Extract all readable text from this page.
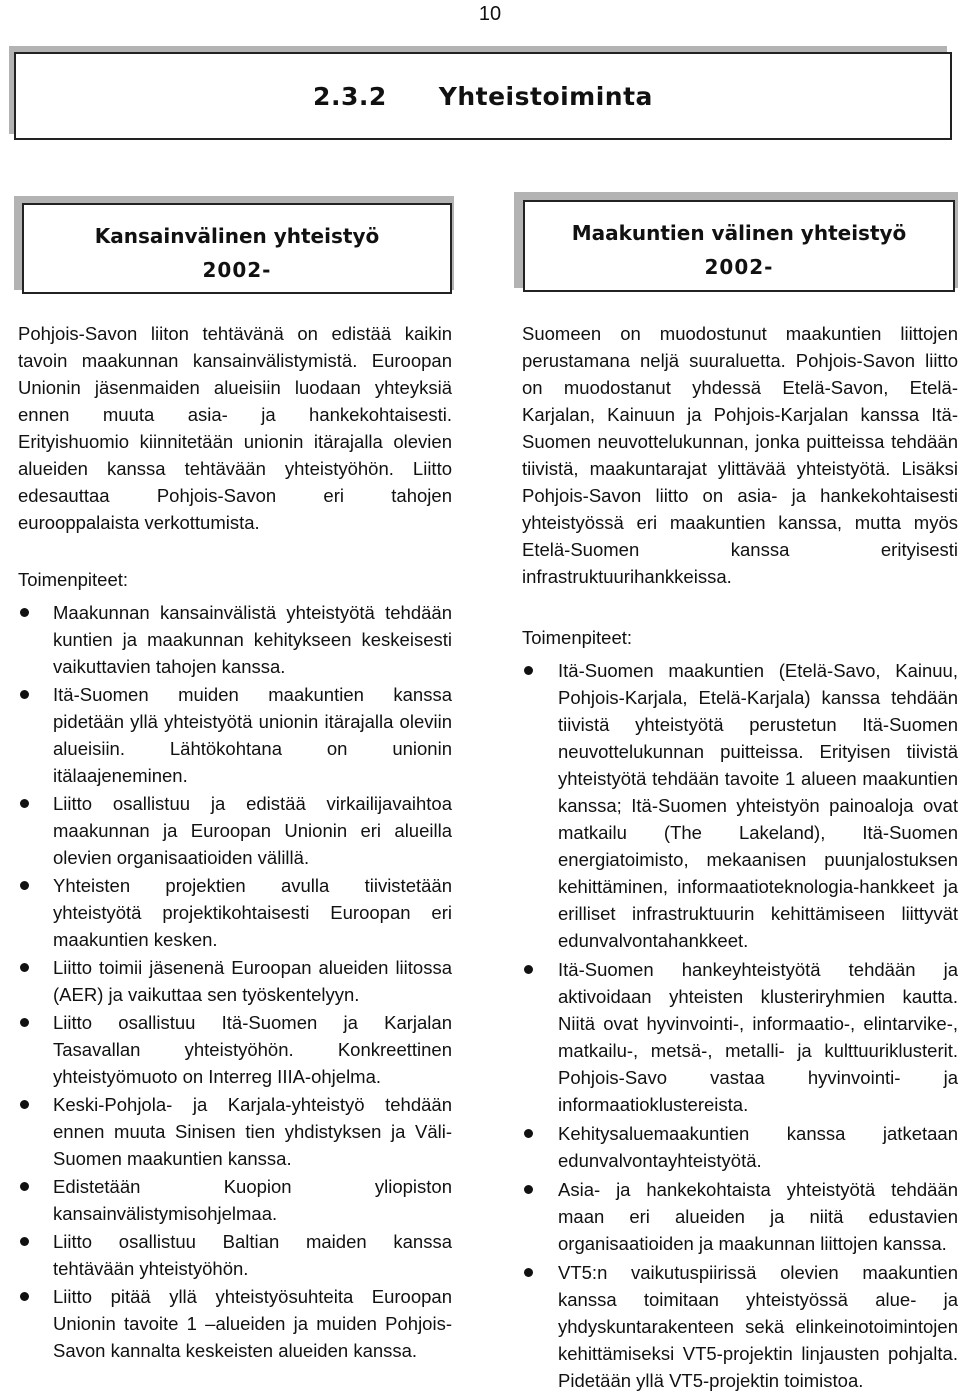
10
2.3.2 Yhteistoiminta
Kansainvälinen yhteistyö
2002-
Maakuntien välinen yhteistyö
2002-

Pohjois-Savon liiton tehtävänä on edistää kaikin tavoin maakunnan kansainvälistymistä. Euroopan Unionin jäsenmaiden alueisiin luodaan yhteyksiä ennen muuta asia- ja hankekohtaisesti. Erityishuomio kiinnitetään unionin itärajalla olevien alueiden kanssa tehtävään yhteistyöhön. Liitto edesauttaa Pohjois-Savon eri tahojen eurooppalaista verkottumista.

Toimenpiteet:
Maakunnan kansainvälistä yhteistyötä tehdään kuntien ja maakunnan kehitykseen keskeisesti vaikuttavien tahojen kanssa.
Itä-Suomen muiden maakuntien kanssa pidetään yllä yhteistyötä unionin itärajalla oleviin alueisiin. Lähtökohtana on unionin itälaajeneminen.
Liitto osallistuu ja edistää virkailijavaihtoa maakunnan ja Euroopan Unionin eri alueilla olevien organisaatioiden välillä.
Yhteisten projektien avulla tiivistetään yhteistyötä projektikohtaisesti Euroopan eri maakuntien kesken.
Liitto toimii jäsenenä Euroopan alueiden liitossa (AER) ja vaikuttaa sen työskentelyyn.
Liitto osallistuu Itä-Suomen ja Karjalan Tasavallan yhteistyöhön. Konkreettinen yhteistyömuoto on Interreg IIIA-ohjelma.
Keski-Pohjola- ja Karjala-yhteistyö tehdään ennen muuta Sinisen tien yhdistyksen ja Väli-Suomen maakuntien kanssa.
Edistetään Kuopion yliopiston kansainvälistymisohjelmaa.
Liitto osallistuu Baltian maiden kanssa tehtävään yhteistyöhön.
Liitto pitää yllä yhteistyösuhteita Euroopan Unionin tavoite 1 –alueiden ja muiden Pohjois-Savon kannalta keskeisten alueiden kanssa.

Suomeen on muodostunut maakuntien liittojen perustamana neljä suuraluetta. Pohjois-Savon liitto on muodostanut yhdessä Etelä-Savon, Etelä-Karjalan, Kainuun ja Pohjois-Karjalan kanssa Itä-Suomen neuvottelukunnan, jonka puitteissa tehdään tiivistä, maakuntarajat ylittävää yhteistyötä. Lisäksi Pohjois-Savon liitto on asia- ja hankekohtaisesti yhteistyössä eri maakuntien kanssa, mutta myös Etelä-Suomen kanssa erityisesti infrastruktuurihankkeissa.

Toimenpiteet:
Itä-Suomen maakuntien (Etelä-Savo, Kainuu, Pohjois-Karjala, Etelä-Karjala) kanssa tehdään tiivistä yhteistyötä perustetun Itä-Suomen neuvottelukunnan puitteissa. Erityisen tiivistä yhteistyötä tehdään tavoite 1 alueen maakuntien kanssa; Itä-Suomen yhteistyön painoaloja ovat matkailu (The Lakeland), Itä-Suomen energiatoimisto, mekaanisen puunjalostuksen kehittäminen, informaatioteknologia-hankkeet ja erilliset infrastruktuurin kehittämiseen liittyvät edunvalvontahankkeet.
Itä-Suomen hankeyhteistyötä tehdään ja aktivoidaan yhteisten klusteriryhmien kautta. Niitä ovat hyvinvointi-, informaatio-, elintarvike-, matkailu-, metsä-, metalli- ja kulttuuriklusterit. Pohjois-Savo vastaa hyvinvointi- ja informaatioklustereista.
Kehitysaluemaakuntien kanssa jatketaan edunvalvontayhteistyötä.
Asia- ja hankekohtaista yhteistyötä tehdään maan eri alueiden ja niitä edustavien organisaatioiden ja maakunnan liittojen kanssa.
VT5:n vaikutuspiirissä olevien maakuntien kanssa toimitaan yhteistyössä alue- ja yhdyskuntarakenteen sekä elinkeinotoimintojen kehittämiseksi VT5-projektin linjausten pohjalta. Pidetään yllä VT5-projektin toimistoa.
